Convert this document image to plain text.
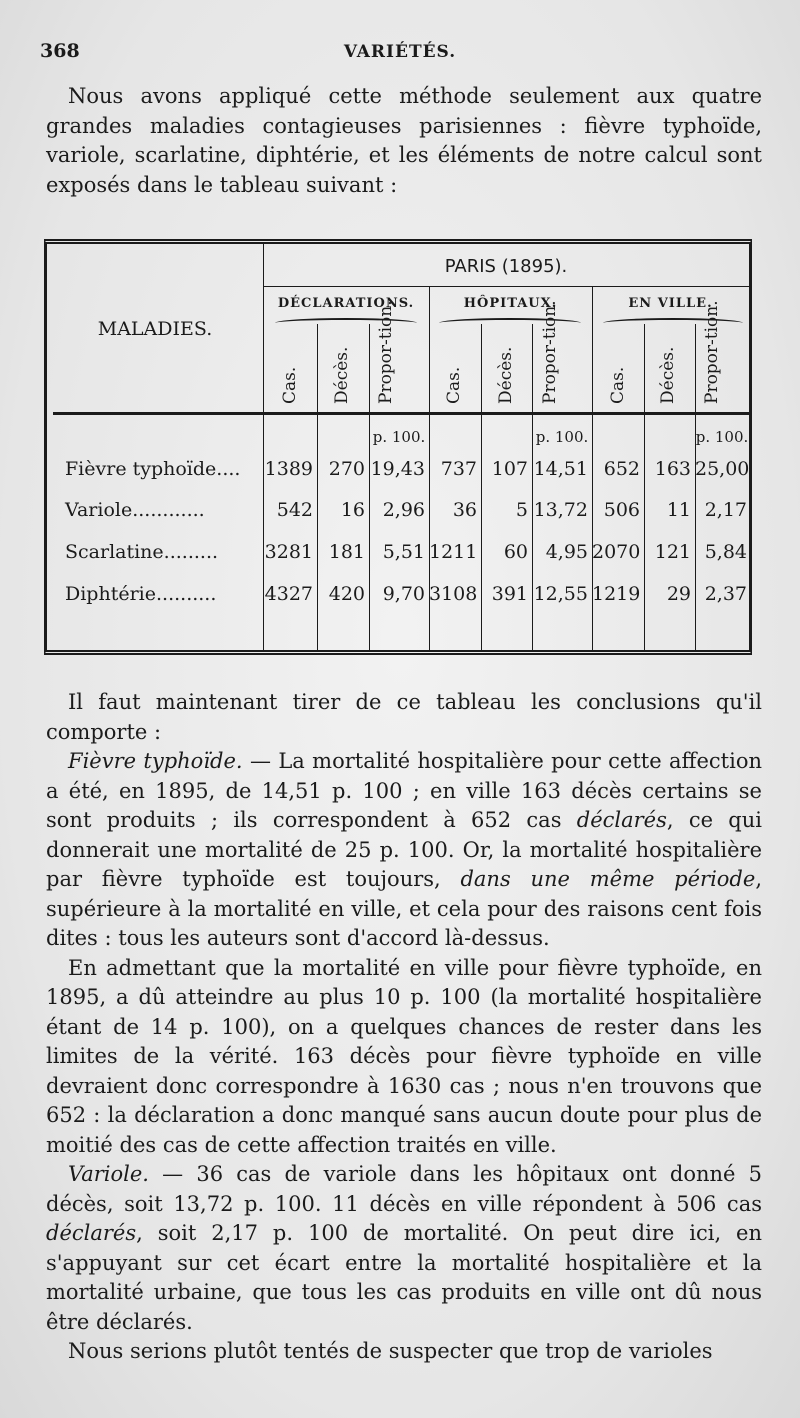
368	VARIÉTÉS.

Nous avons appliqué cette méthode seulement aux quatre grandes maladies contagieuses parisiennes : fièvre typhoïde, variole, scarlatine, diphtérie, et les éléments de notre calcul sont exposés dans le tableau suivant :

PARIS (1895).
DÉCLARATIONS.	HÔPITAUX.	EN VILLE.
MALADIES.
Cas. Décès. Propor-tion.	Cas. Décès. Propor-tion.	Cas. Décès. Propor-tion.
p. 100.	p. 100.	p. 100.
Fièvre typhoïde.... 1389 270 19,43 737 107 14,51 652 163 25,00
Variole............	542	16 2,96	36	5 13,72 506	11 2,17
Scarlatine......... 3281 181 5,51 1211	60 4,95 2070 121 5,84
Diphtérie..........	4327 420 9,70 3108 391 12,55 1219	29 2,37

Il faut maintenant tirer de ce tableau les conclusions qu'il comporte :

Fièvre typhoïde. — La mortalité hospitalière pour cette affection a été, en 1895, de 14,51 p. 100 ; en ville 163 décès certains se sont produits ; ils correspondent à 652 cas déclarés, ce qui donnerait une mortalité de 25 p. 100. Or, la mortalité hospitalière par fièvre typhoïde est toujours, dans une même période, supérieure à la mortalité en ville, et cela pour des raisons cent fois dites : tous les auteurs sont d'accord là-dessus.

En admettant que la mortalité en ville pour fièvre typhoïde, en 1895, a dû atteindre au plus 10 p. 100 (la mortalité hospitalière étant de 14 p. 100), on a quelques chances de rester dans les limites de la vérité. 163 décès pour fièvre typhoïde en ville devraient donc correspondre à 1630 cas ; nous n'en trouvons que 652 : la déclaration a donc manqué sans aucun doute pour plus de moitié des cas de cette affection traités en ville.

Variole. — 36 cas de variole dans les hôpitaux ont donné 5 décès, soit 13,72 p. 100. 11 décès en ville répondent à 506 cas déclarés, soit 2,17 p. 100 de mortalité. On peut dire ici, en s'appuyant sur cet écart entre la mortalité hospitalière et la mortalité urbaine, que tous les cas produits en ville ont dû nous être déclarés.

Nous serions plutôt tentés de suspecter que trop de varioles
